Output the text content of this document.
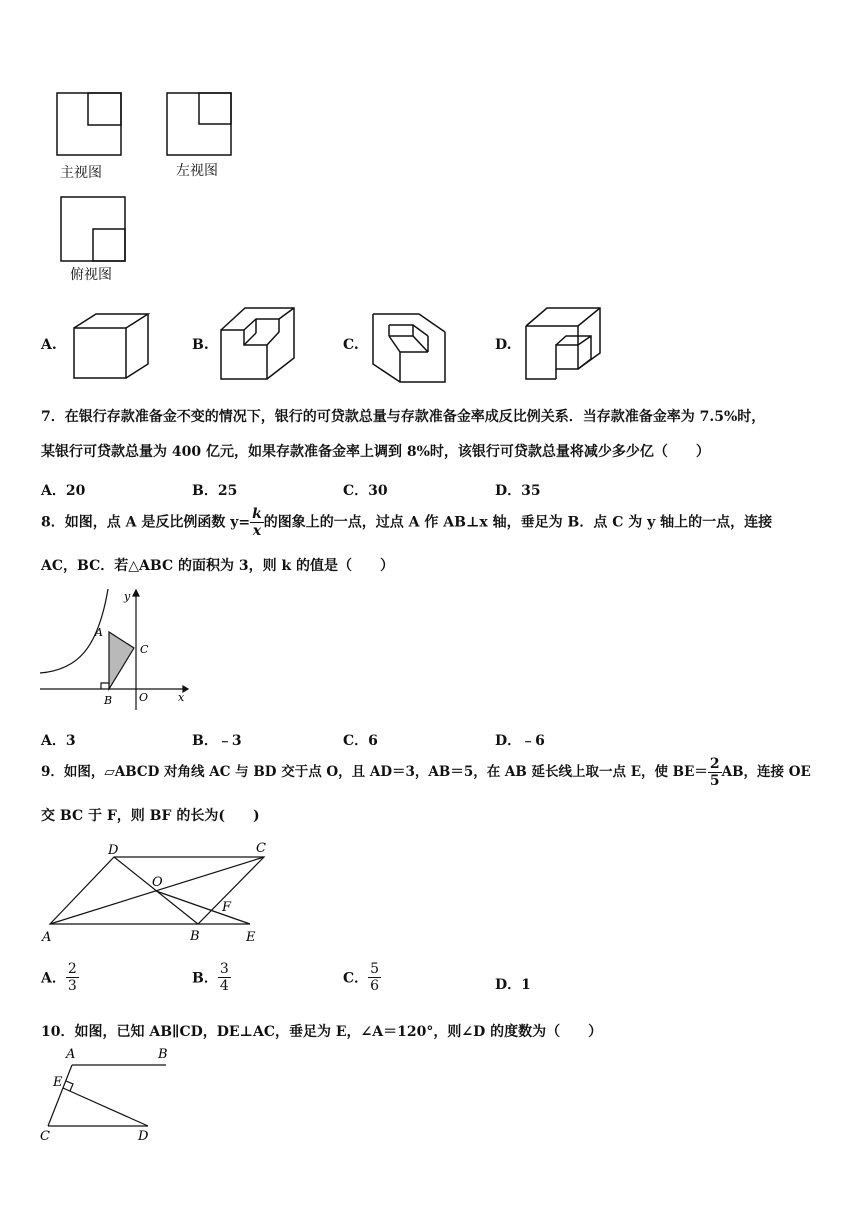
主视图	左视图
俯视图
A.	B.	C.	D.
7．在银行存款准备金不变的情况下，银行的可贷款总量与存款准备金率成反比例关系．当存款准备金率为 7.5%时，
某银行可贷款总量为 400 亿元，如果存款准备金率上调到 8%时，该银行可贷款总量将减少多少亿（　　）
A．20	B．25	C．30	D．35
8．如图，点 A 是反比例函数 $y= \frac{k}{x}$ 的图象上的一点，过点 A 作 AB⊥x 轴，垂足为 B．点 C 为 y 轴上的一点，连接
AC，BC．若△ABC 的面积为 3，则 k 的值是（　　）
y
x
A
B
C
O
A．3	B．﹣3	C．6	D．﹣6
9．如图，▱ABCD 对角线 AC 与 BD 交于点 O，且 AD＝3，AB＝5，在 AB 延长线上取一点 E，使 $BE= \frac{2}{5}$ AB，连接 OE
交 BC 于 F，则 BF 的长为(　　)
A	B
C
D
E
F
O
A． $\frac{2}{3}$	B． $\frac{3}{4}$	C． $\frac{5}{6}$	D．1
10．如图，已知 AB∥CD，DE⊥AC，垂足为 E，∠A＝120°，则∠D 的度数为（　　）
A	B
C	D
E
